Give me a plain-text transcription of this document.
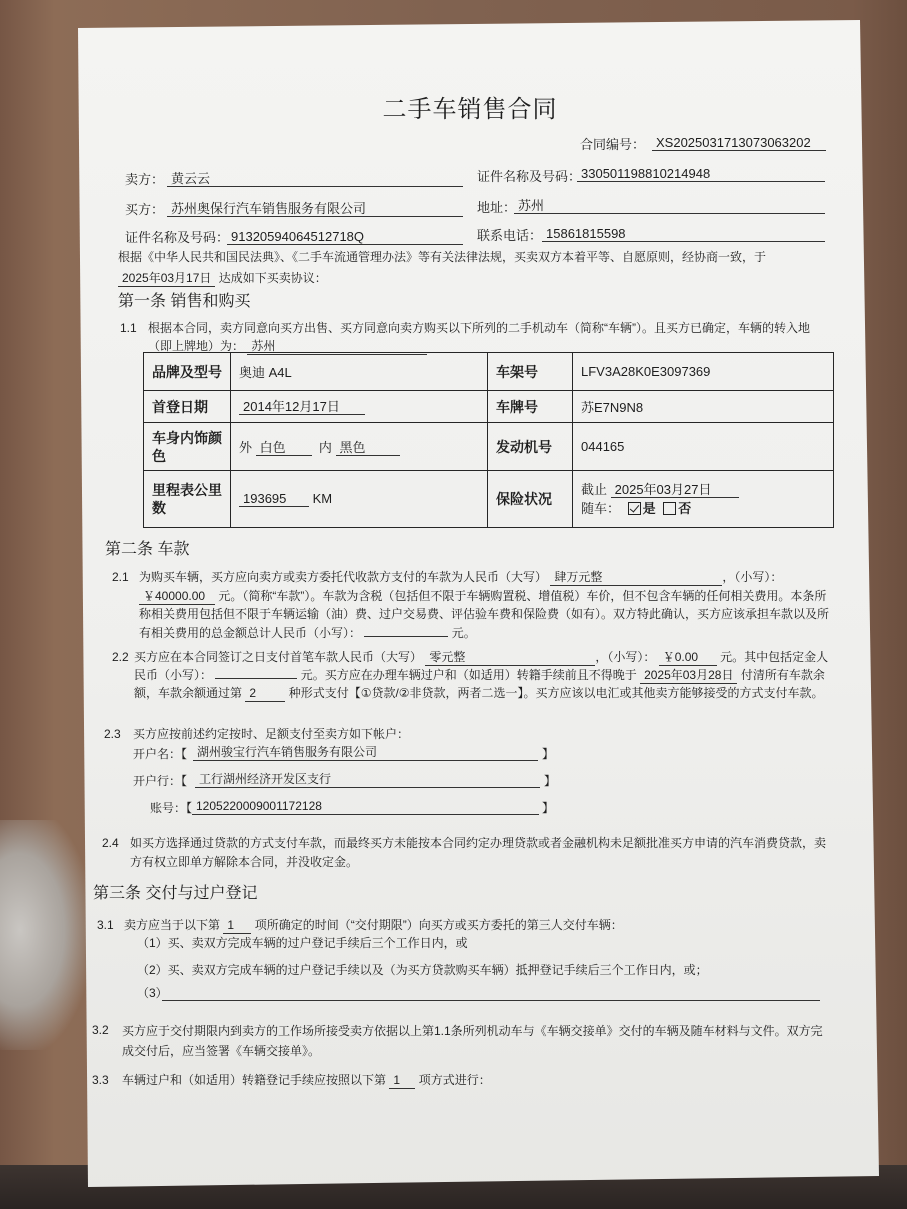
二手车销售合同
合同编号： XS2025031713073063202
卖方： 黄云云	证件名称及号码： 330501198810214948
买方： 苏州奥保行汽车销售服务有限公司	地址： 苏州
证件名称及号码： 91320594064512718Q	联系电话： 15861815598
根据《中华人民共和国民法典》、《二手车流通管理办法》等有关法律法规，买卖双方本着平等、自愿原则，经协商一致，于 2025年03月17日 达成如下买卖协议：
第一条 销售和购买
1.1 根据本合同，卖方同意向买方出售、买方同意向卖方购买以下所列的二手机动车（简称“车辆”）。且买方已确定，车辆的转入地（即上牌地）为： 苏州
品牌及型号	奥迪 A4L	车架号	LFV3A28K0E3097369
首登日期	2014年12月17日	车牌号	苏E7N9N8
车身内饰颜色	外 白色 内 黑色	发动机号	044165
里程表公里数	193695 KM	保险状况	截止 2025年03月27日
随车： 是 否
第二条 车款
2.1 为购买车辆，买方应向卖方或卖方委托代收款方支付的车款为人民币（大写） 肆万元整	，（小写）： ￥40000.00 元。（简称“车款”）。车款为含税（包括但不限于车辆购置税、增值税）车价，但不包含车辆的任何相关费用。本条所称相关费用包括但不限于车辆运输（油）费、过户交易费、评估验车费和保险费（如有）。双方特此确认，买方应该承担车款以及所有相关费用的总金额总计人民币（小写）：	元。
2.2 买方应在本合同签订之日支付首笔车款人民币（大写） 零元整	，（小写）： ￥0.00 元。其中包括定金人民币（小写）：	元。买方应在办理车辆过户和（如适用）转籍手续前且不得晚于 2025年03月28日 付清所有车款余额，车款余额通过第 2	种形式支付【①贷款/②非贷款，两者二选一】。买方应该以电汇或其他卖方能够接受的方式支付车款。
2.3 买方应按前述约定按时、足额支付至卖方如下帐户：
开户名：【 湖州骏宝行汽车销售服务有限公司	】
开户行：【 工行湖州经济开发区支行	】
账号：【 1205220009001172128	】
2.4 如买方选择通过贷款的方式支付车款，而最终买方未能按本合同约定办理贷款或者金融机构未足额批准买方申请的汽车消费贷款，卖方有权立即单方解除本合同，并没收定金。
第三条 交付与过户登记
3.1 卖方应当于以下第 1 项所确定的时间（“交付期限”）向买方或买方委托的第三人交付车辆：
（1）买、卖双方完成车辆的过户登记手续后三个工作日内，或
（2）买、卖双方完成车辆的过户登记手续以及（为买方贷款购买车辆）抵押登记手续后三个工作日内，或；
（3）
3.2 买方应于交付期限内到卖方的工作场所接受卖方依据以上第1.1条所列机动车与《车辆交接单》交付的车辆及随车材料与文件。双方完成交付后，应当签署《车辆交接单》。
3.3 车辆过户和（如适用）转籍登记手续应按照以下第 1 项方式进行：
